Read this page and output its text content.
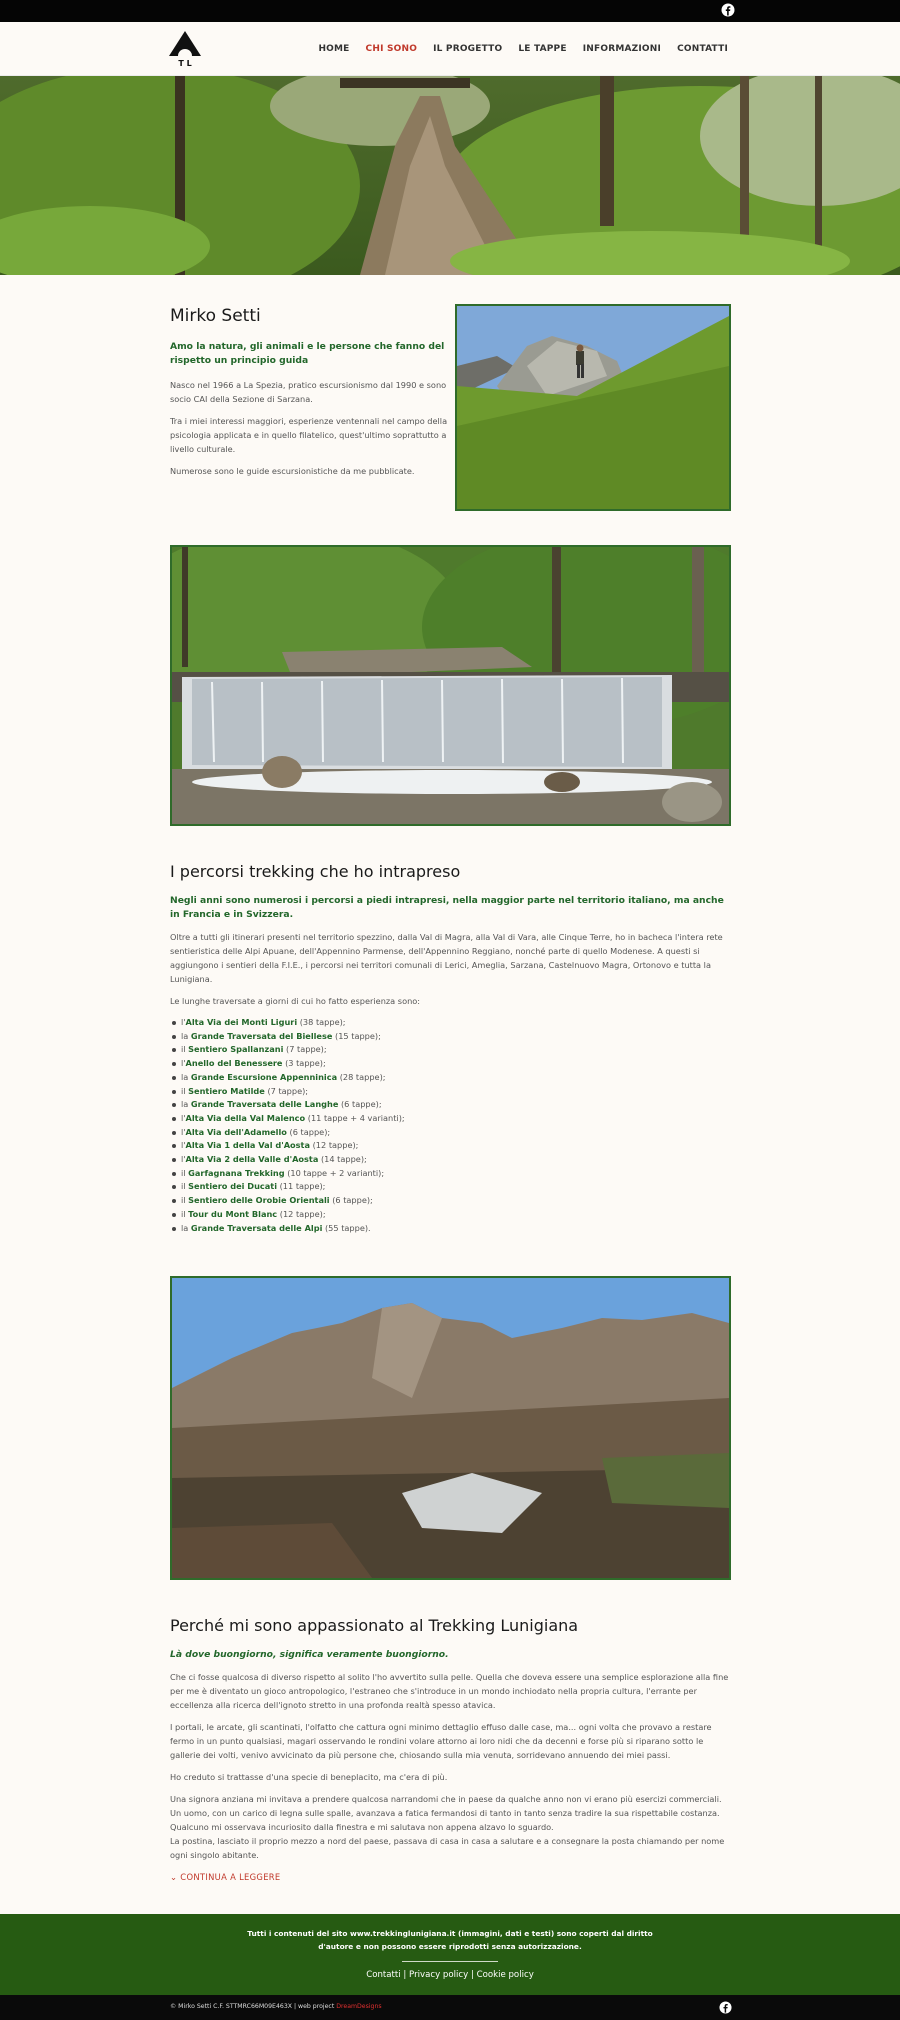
T L
HOME CHI SONO IL PROGETTO LE TAPPE INFORMAZIONI CONTATTI
Mirko Setti

Amo la natura, gli animali e le persone che fanno del rispetto un principio guida

Nasco nel 1966 a La Spezia, pratico escursionismo dal 1990 e sono socio CAI della Sezione di Sarzana.

Tra i miei interessi maggiori, esperienze ventennali nel campo della psicologia applicata e in quello filatelico, quest'ultimo soprattutto a livello culturale.

Numerose sono le guide escursionistiche da me pubblicate.

I percorsi trekking che ho intrapreso

Negli anni sono numerosi i percorsi a piedi intrapresi, nella maggior parte nel territorio italiano, ma anche in Francia e in Svizzera.

Oltre a tutti gli itinerari presenti nel territorio spezzino, dalla Val di Magra, alla Val di Vara, alle Cinque Terre, ho in bacheca l'intera rete sentieristica delle Alpi Apuane, dell'Appennino Parmense, dell'Appennino Reggiano, nonché parte di quello Modenese. A questi si aggiungono i sentieri della F.I.E., i percorsi nei territori comunali di Lerici, Ameglia, Sarzana, Castelnuovo Magra, Ortonovo e tutta la Lunigiana.

Le lunghe traversate a giorni di cui ho fatto esperienza sono:

l'Alta Via dei Monti Liguri (38 tappe);
la Grande Traversata del Biellese (15 tappe);
il Sentiero Spallanzani (7 tappe);
l'Anello del Benessere (3 tappe);
la Grande Escursione Appenninica (28 tappe);
il Sentiero Matilde (7 tappe);
la Grande Traversata delle Langhe (6 tappe);
l'Alta Via della Val Malenco (11 tappe + 4 varianti);
l'Alta Via dell'Adamello (6 tappe);
l'Alta Via 1 della Val d'Aosta (12 tappe);
l'Alta Via 2 della Valle d'Aosta (14 tappe);
il Garfagnana Trekking (10 tappe + 2 varianti);
il Sentiero dei Ducati (11 tappe);
il Sentiero delle Orobie Orientali (6 tappe);
il Tour du Mont Blanc (12 tappe);
la Grande Traversata delle Alpi (55 tappe).
Perché mi sono appassionato al Trekking Lunigiana

Là dove buongiorno, significa veramente buongiorno.

Che ci fosse qualcosa di diverso rispetto al solito l'ho avvertito sulla pelle. Quella che doveva essere una semplice esplorazione alla fine per me è diventato un gioco antropologico, l'estraneo che s'introduce in un mondo inchiodato nella propria cultura, l'errante per eccellenza alla ricerca dell'ignoto stretto in una profonda realtà spesso atavica.

I portali, le arcate, gli scantinati, l'olfatto che cattura ogni minimo dettaglio effuso dalle case, ma... ogni volta che provavo a restare fermo in un punto qualsiasi, magari osservando le rondini volare attorno ai loro nidi che da decenni e forse più si riparano sotto le gallerie dei volti, venivo avvicinato da più persone che, chiosando sulla mia venuta, sorridevano annuendo dei miei passi.

Ho creduto si trattasse d'una specie di beneplacito, ma c'era di più.

Una signora anziana mi invitava a prendere qualcosa narrandomi che in paese da qualche anno non vi erano più esercizi commerciali. Un uomo, con un carico di legna sulle spalle, avanzava a fatica fermandosi di tanto in tanto senza tradire la sua rispettabile costanza. Qualcuno mi osservava incuriosito dalla finestra e mi salutava non appena alzavo lo sguardo.

La postina, lasciato il proprio mezzo a nord del paese, passava di casa in casa a salutare e a consegnare la posta chiamando per nome ogni singolo abitante.

⌄ CONTINUA A LEGGERE

Tutti i contenuti del sito www.trekkinglunigiana.it (immagini, dati e testi) sono coperti dal diritto d'autore e non possono essere riprodotti senza autorizzazione.

Contatti | Privacy policy | Cookie policy
© Mirko Setti C.F. STTMRC66M09E463X | web project DreamDesigns
